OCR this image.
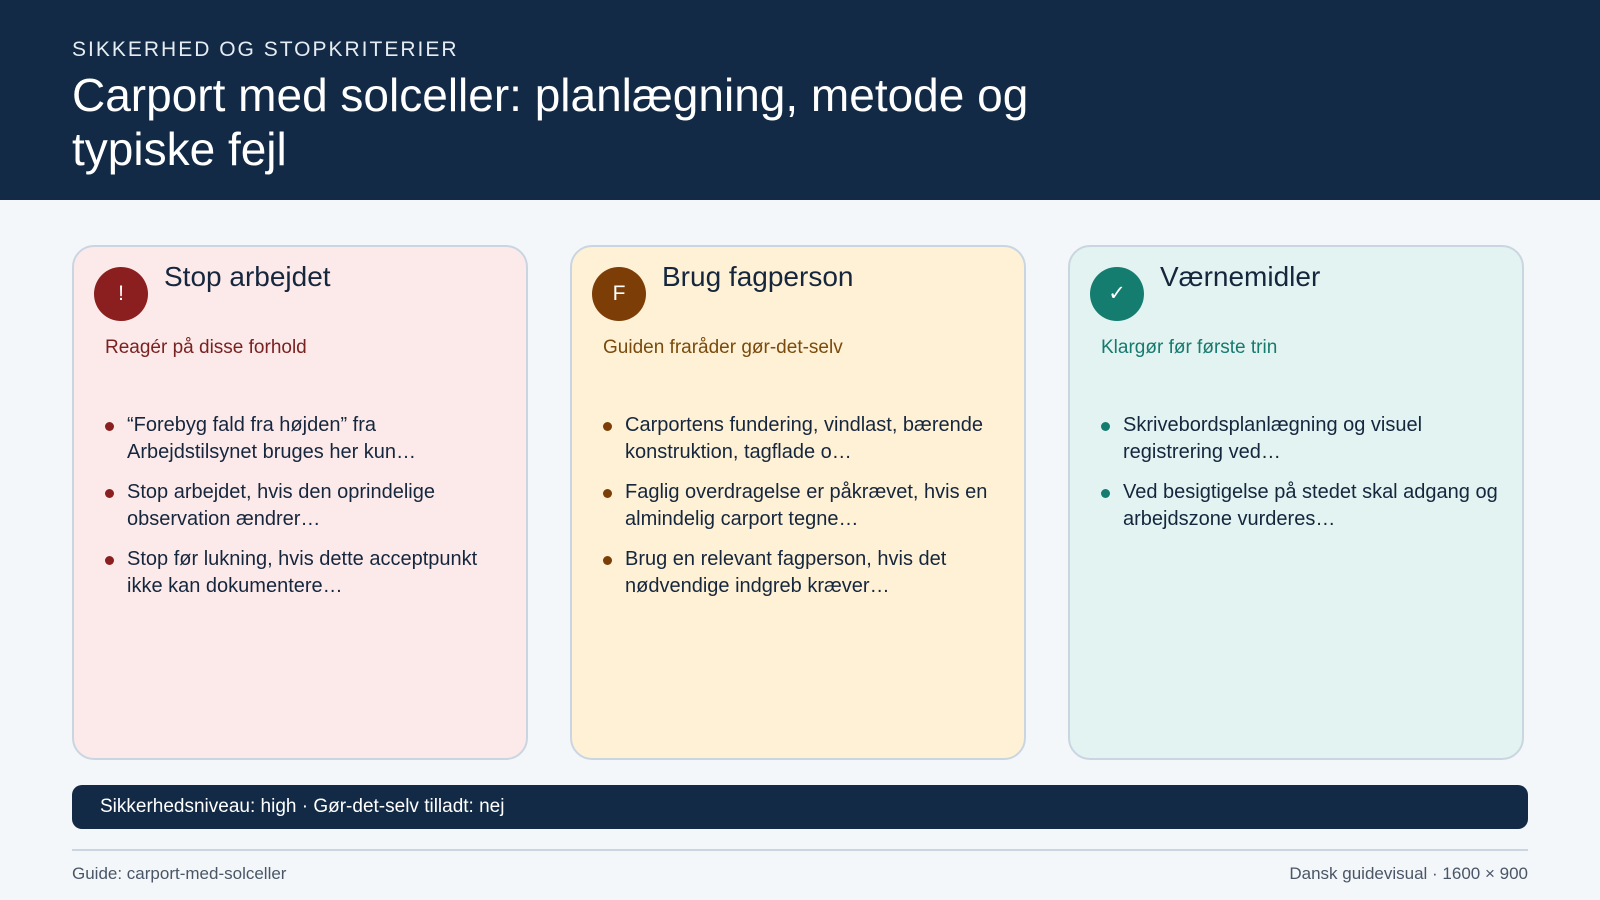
SIKKERHED OG STOPKRITERIER
Carport med solceller: planlægning, metode og typiske fejl
!
Stop arbejdet
Reagér på disse forhold
“Forebyg fald fra højden” fra Arbejdstilsynet bruges her kun…
Stop arbejdet, hvis den oprindelige observation ændrer…
Stop før lukning, hvis dette acceptpunkt ikke kan dokumentere…
F
Brug fagperson
Guiden fraråder gør-det-selv
Carportens fundering, vindlast, bærende konstruktion, tagflade o…
Faglig overdragelse er påkrævet, hvis en almindelig carport tegne…
Brug en relevant fagperson, hvis det nødvendige indgreb kræver…
✓
Værnemidler
Klargør før første trin
Skrivebordsplanlægning og visuel registrering ved…
Ved besigtigelse på stedet skal adgang og arbejdszone vurderes…
Sikkerhedsniveau: high · Gør-det-selv tilladt: nej
Guide: carport-med-solceller	Dansk guidevisual · 1600 × 900
